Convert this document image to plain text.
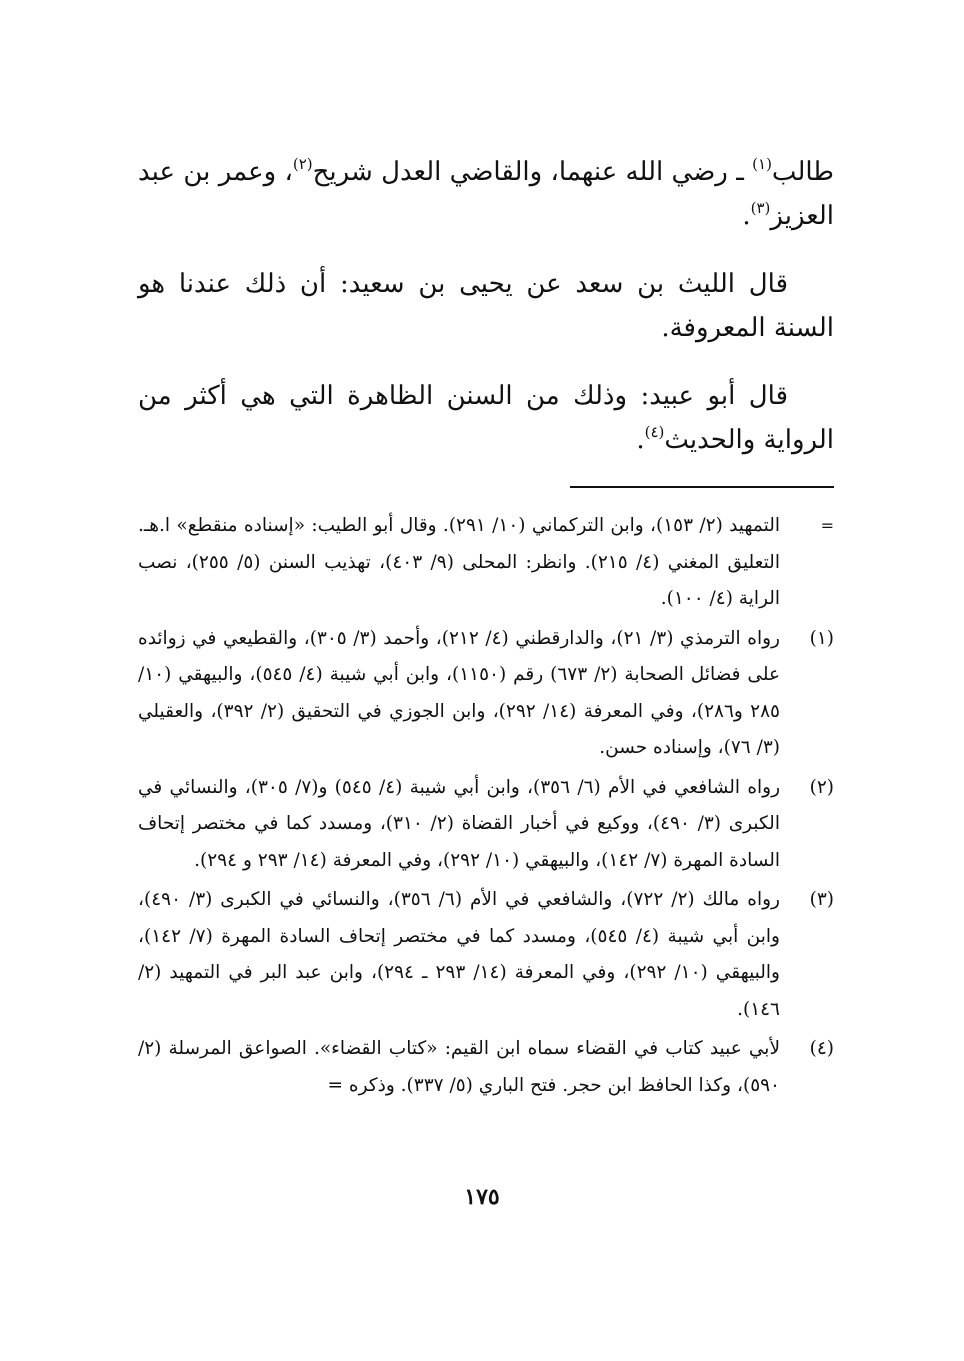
طالب$^{(١)}$ ـ رضي الله عنهما، والقاضي العدل شريح$^{(٢)}$، وعمر بن عبد العزيز$^{(٣)}$.

قال الليث بن سعد عن يحيى بن سعيد: أن ذلك عندنا هو السنة المعروفة.

قال أبو عبيد: وذلك من السنن الظاهرة التي هي أكثر من الرواية والحديث$^{(٤)}$.

=
التمهيد (٢/ ١٥٣)، وابن التركماني (١٠/ ٢٩١). وقال أبو الطيب: «إسناده منقطع» ا.هـ. التعليق المغني (٤/ ٢١٥). وانظر: المحلى (٩/ ٤٠٣)، تهذيب السنن (٥/ ٢٥٥)، نصب الراية (٤/ ١٠٠).
(١)
رواه الترمذي (٣/ ٢١)، والدارقطني (٤/ ٢١٢)، وأحمد (٣/ ٣٠٥)، والقطيعي في زوائده على فضائل الصحابة (٢/ ٦٧٣) رقم (١١٥٠)، وابن أبي شيبة (٤/ ٥٤٥)، والبيهقي (١٠/ ٢٨٥ و٢٨٦)، وفي المعرفة (١٤/ ٢٩٢)، وابن الجوزي في التحقيق (٢/ ٣٩٢)، والعقيلي (٣/ ٧٦)، وإسناده حسن.
(٢)
رواه الشافعي في الأم (٦/ ٣٥٦)، وابن أبي شيبة (٤/ ٥٤٥) و(٧/ ٣٠٥)، والنسائي في الكبرى (٣/ ٤٩٠)، ووكيع في أخبار القضاة (٢/ ٣١٠)، ومسدد كما في مختصر إتحاف السادة المهرة (٧/ ١٤٢)، والبيهقي (١٠/ ٢٩٢)، وفي المعرفة (١٤/ ٢٩٣ و ٢٩٤).
(٣)
رواه مالك (٢/ ٧٢٢)، والشافعي في الأم (٦/ ٣٥٦)، والنسائي في الكبرى (٣/ ٤٩٠)، وابن أبي شيبة (٤/ ٥٤٥)، ومسدد كما في مختصر إتحاف السادة المهرة (٧/ ١٤٢)، والبيهقي (١٠/ ٢٩٢)، وفي المعرفة (١٤/ ٢٩٣ ـ ٢٩٤)، وابن عبد البر في التمهيد (٢/ ١٤٦).
(٤)
لأبي عبيد كتاب في القضاء سماه ابن القيم: «كتاب القضاء». الصواعق المرسلة (٢/ ٥٩٠)، وكذا الحافظ ابن حجر. فتح الباري (٥/ ٣٣٧). وذكره =
١٧٥
